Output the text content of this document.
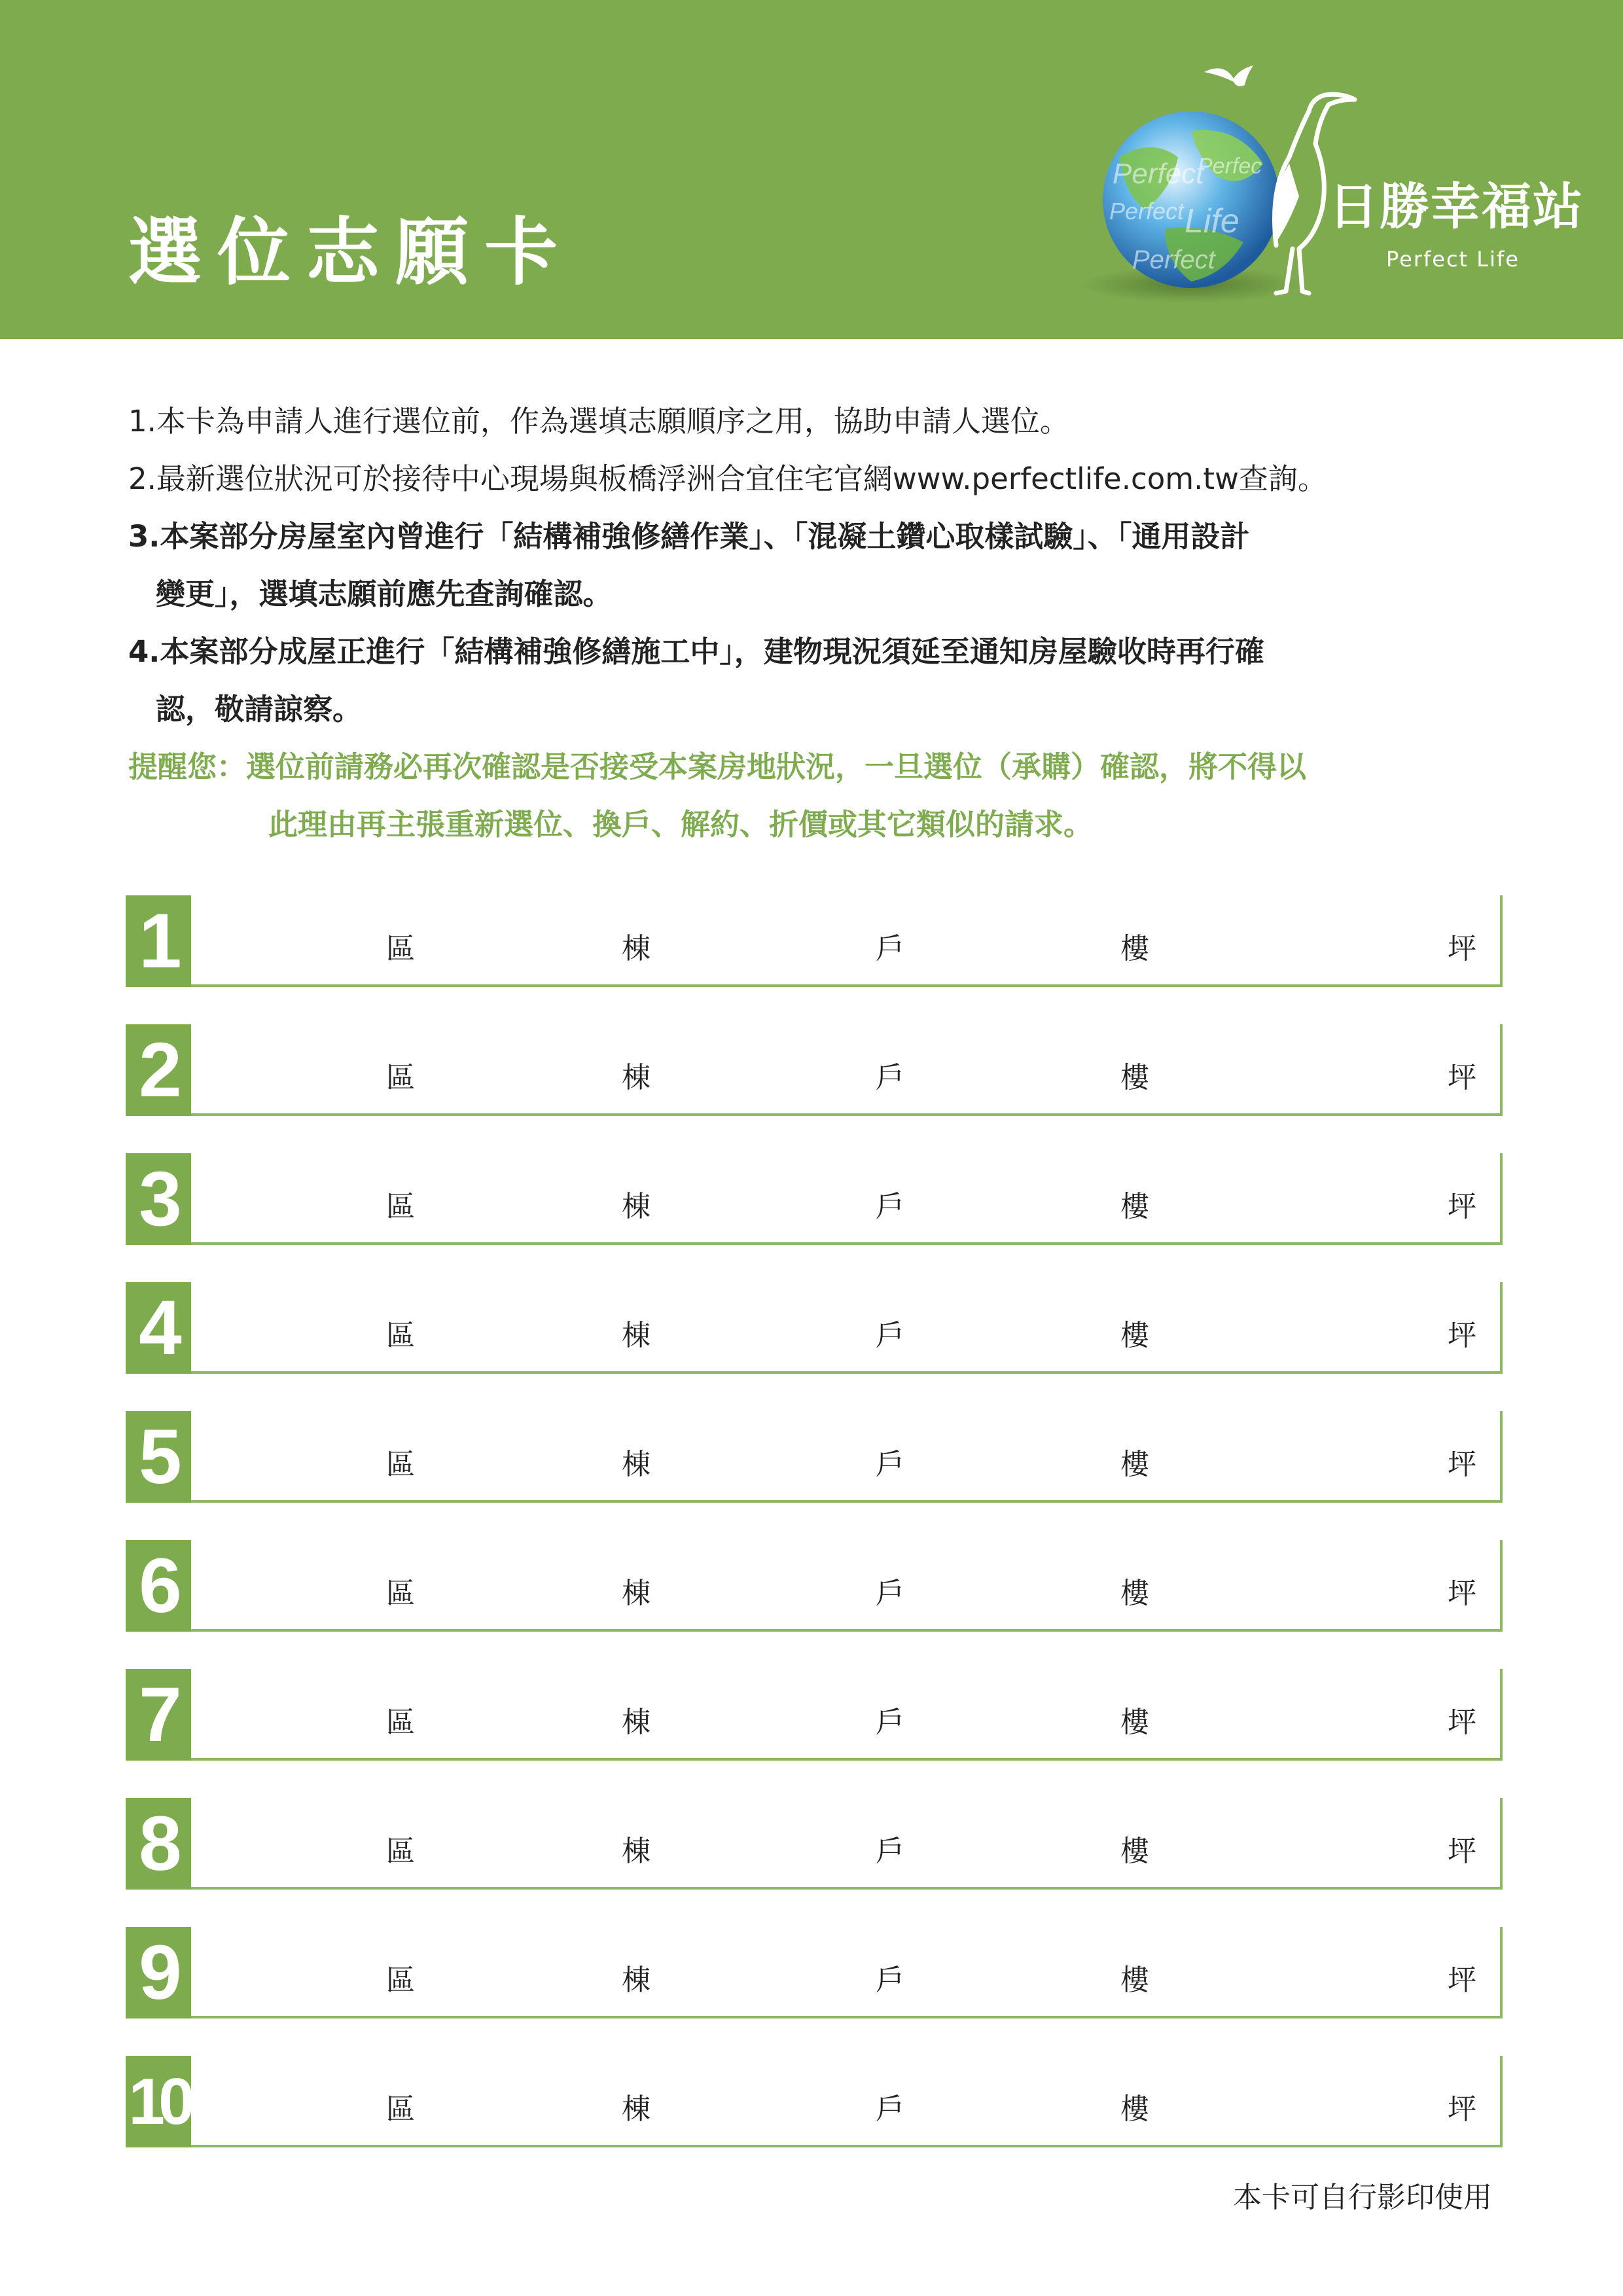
選位志願卡
Perfect
Perfec
Perfect Life
Perfect
日勝幸福站
Perfect Life

1.本卡為申請人進行選位前，作為選填志願順序之用，協助申請人選位。

2.最新選位狀況可於接待中心現場與板橋浮洲合宜住宅官網www.perfectlife.com.tw查詢。

3.本案部分房屋室內曾進行「結構補強修繕作業」、「混凝土鑽心取樣試驗」、「通用設計
變更」，選填志願前應先查詢確認。

4.本案部分成屋正進行「結構補強修繕施工中」，建物現況須延至通知房屋驗收時再行確
認，敬請諒察。

提醒您：選位前請務必再次確認是否接受本案房地狀況，一旦選位（承購）確認，將不得以
此理由再主張重新選位、換戶、解約、折價或其它類似的請求。

1	區	棟	戶	樓	坪
2	區	棟	戶	樓	坪
3	區	棟	戶	樓	坪
4	區	棟	戶	樓	坪
5	區	棟	戶	樓	坪
6	區	棟	戶	樓	坪
7	區	棟	戶	樓	坪
8	區	棟	戶	樓	坪
9	區	棟	戶	樓	坪
10	區	棟	戶	樓	坪
本卡可自行影印使用
